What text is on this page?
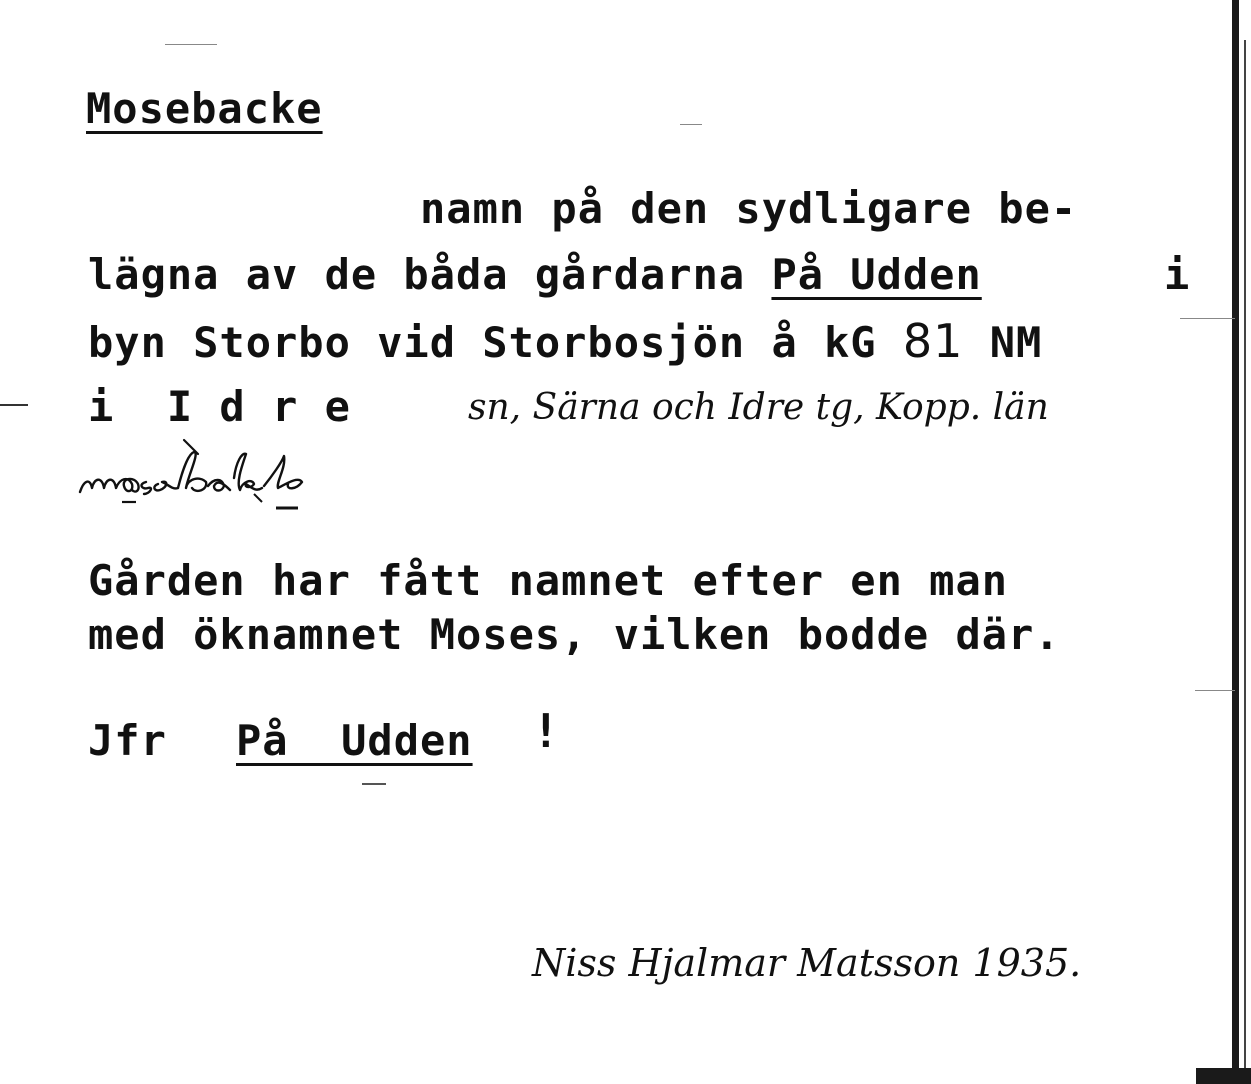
Mosebacke
namn på den sydligare be-
lägna av de båda gårdarna På Udden	i
byn Storbo vid Storbosjön å kG 81 NM
i  I d r e	sn, Särna och Idre tg, Kopp. län
Gården har fått namnet efter en man
med öknamnet Moses, vilken bodde där.
Jfr På  Udden !
Niss Hjalmar Matsson 1935.
